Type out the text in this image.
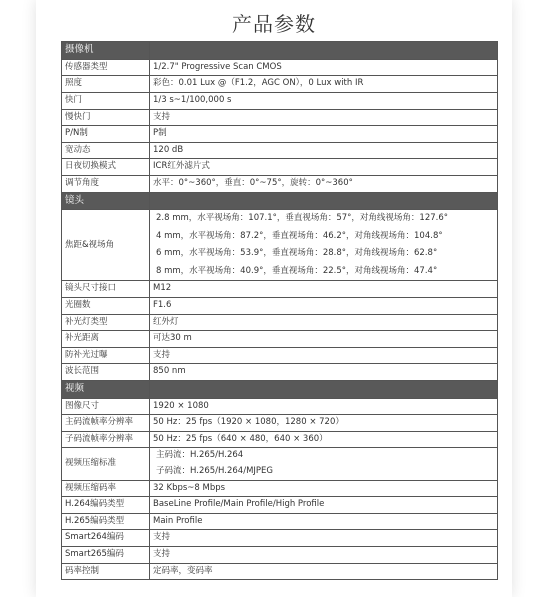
产品参数
摄像机	
传感器类型	1/2.7" Progressive Scan CMOS
照度	彩色：0.01 Lux @（F1.2，AGC ON），0 Lux with IR
快门	1/3 s~1/100,000 s
慢快门	支持
P/N制	P制
宽动态	120 dB
日夜切换模式	ICR红外滤片式
调节角度	水平：0°~360°，垂直：0°~75°，旋转：0°~360°
镜头	
焦距&视场角	2.8 mm，水平视场角：107.1°，垂直视场角：57°，对角线视场角：127.6°
4 mm，水平视场角：87.2°，垂直视场角：46.2°，对角线视场角：104.8°
6 mm，水平视场角：53.9°，垂直视场角：28.8°，对角线视场角：62.8°
8 mm，水平视场角：40.9°，垂直视场角：22.5°，对角线视场角：47.4°

镜头尺寸接口	M12
光圈数	F1.6
补光灯类型	红外灯
补光距离	可达30 m
防补光过曝	支持
波长范围	850 nm
视频	
图像尺寸	1920 × 1080
主码流帧率分辨率	50 Hz：25 fps（1920 × 1080，1280 × 720）
子码流帧率分辨率	50 Hz：25 fps（640 × 480，640 × 360）
视频压缩标准	主码流：H.265/H.264
子码流：H.265/H.264/MJPEG

视频压缩码率	32 Kbps~8 Mbps
H.264编码类型	BaseLine Profile/Main Profile/High Profile
H.265编码类型	Main Profile
Smart264编码	支持
Smart265编码	支持
码率控制	定码率，变码率
